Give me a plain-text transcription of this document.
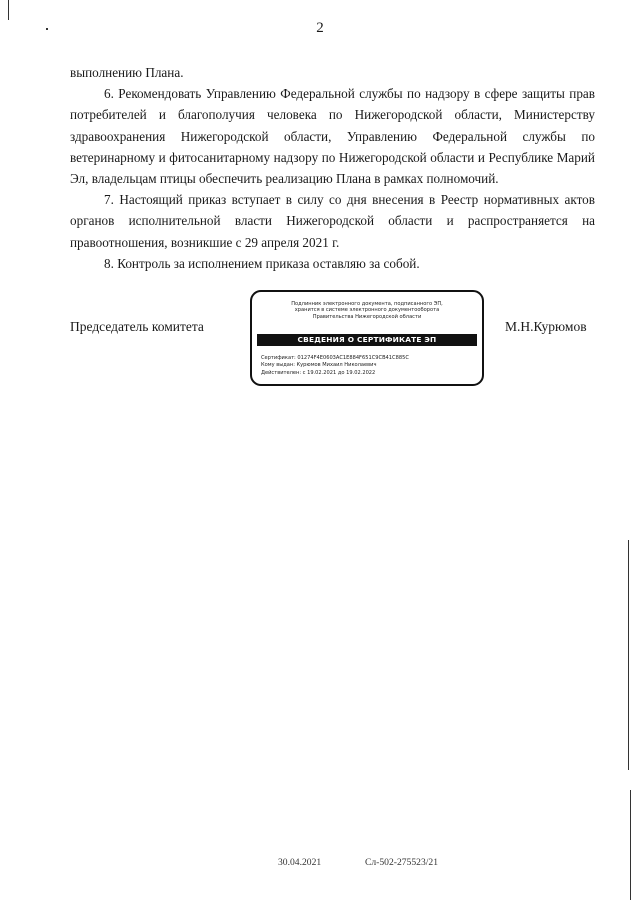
2

выполнению Плана.

6. Рекомендовать Управлению Федеральной службы по надзору в сфере защиты прав потребителей и благополучия человека по Нижегородской области, Министерству здравоохранения Нижегородской области, Управлению Федеральной службы по ветеринарному и фитосанитарному надзору по Нижегородской области и Республике Марий Эл, владельцам птицы обеспечить реализацию Плана в рамках полномочий.

7. Настоящий приказ вступает в силу со дня внесения в Реестр нормативных актов органов исполнительной власти Нижегородской области и распространяется на правоотношения, возникшие с 29 апреля 2021 г.

8. Контроль за исполнением приказа оставляю за собой.

Председатель комитета	М.Н.Курюмов
Подлинник электронного документа, подписанного ЭП,
хранится в системе электронного документооборота
Правительства Нижегородской области
СВЕДЕНИЯ О СЕРТИФИКАТЕ ЭП
Сертификат: 01274F4E0603AC1E884F651C9CB41C885C
Кому выдан: Курюмов Михаил Николаевич
Действителен: с 19.02.2021 до 19.02.2022
30.04.2021	Сл-502-275523/21
